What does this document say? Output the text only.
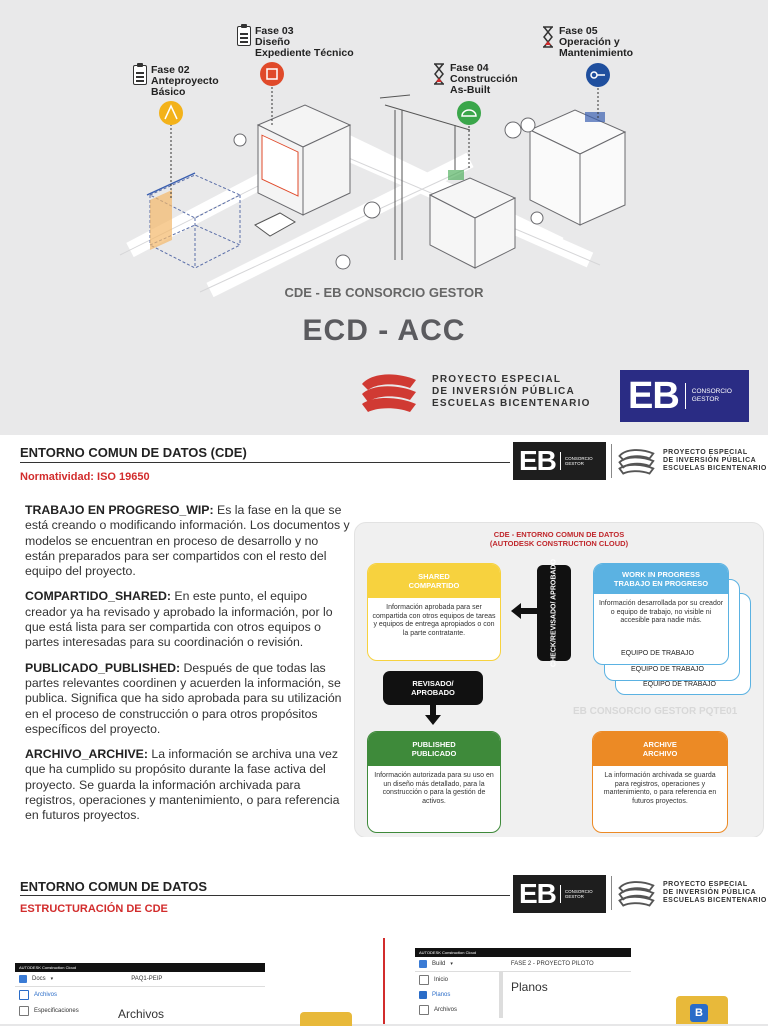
Fase 02
Anteproyecto
Básico
Fase 03
Diseño
Expediente Técnico
Fase 04
Construcción
As-Built
Fase 05
Operación y
Mantenimiento
CDE - EB CONSORCIO GESTOR
ECD - ACC
PROYECTO ESPECIAL
DE INVERSIÓN PÚBLICA
ESCUELAS BICENTENARIO EB CONSORCIO
GESTOR
ENTORNO COMUN DE DATOS (CDE)
Normatividad: ISO 19650
EB CONSORCIO
GESTOR
PROYECTO ESPECIAL
DE INVERSIÓN PÚBLICA
ESCUELAS BICENTENARIO

TRABAJO EN PROGRESO_WIP: Es la fase en la que se está creando o modificando información. Los documentos y modelos se encuentran en proceso de desarrollo y no están preparados para ser compartidos con el resto del equipo del proyecto.

COMPARTIDO_SHARED: En este punto, el equipo creador ya ha revisado y aprobado la información, por lo que está lista para ser compartida con otros equipos o partes interesadas para su coordinación o revisión.

PUBLICADO_PUBLISHED: Después de que todas las partes relevantes coordinen y acuerden la información, se publica. Significa que ha sido aprobada para su utilización en el proceso de construcción o para otros propósitos específicos del proyecto.

ARCHIVO_ARCHIVE: La información se archiva una vez que ha cumplido su propósito durante la fase activa del proyecto. Se guarda la información archivada para registros, operaciones y mantenimiento, o para referencia en futuros proyectos.

CDE - ENTORNO COMUN DE DATOS
(AUTODESK CONSTRUCTION CLOUD)
SHARED
COMPARTIDO
Información aprobada para ser compartida con otros equipos de tareas y equipos de entrega apropiados o con la parte contratante.	CHECK/REVISADO/ APROBADO	WORK IN PROGRESS
TRABAJO EN PROGRESO
Información desarrollada por su creador o equipo de trabajo, no visible ni accesible para nadie más.
EQUIPO DE TRABAJO
EQUIPO DE TRABAJO
EQUIPO DE TRABAJO
REVISADO/
APROBADO
EB CONSORCIO GESTOR PQTE01
PUBLISHED
PUBLICADO
Información autorizada para su uso en un diseño más detallado, para la construcción o para la gestión de activos.
ARCHIVE
ARCHIVO
La información archivada se guarda para registros, operaciones y mantenimiento, o para referencia en futuros proyectos.
ENTORNO COMUN DE DATOS
ESTRUCTURACIÓN DE CDE	EB CONSORCIO
GESTOR
PROYECTO ESPECIAL
DE INVERSIÓN PÚBLICA
ESCUELAS BICENTENARIO
AUTODESK Construction Cloud
Docs ▾	PAQ1-PEIP
Archivos
Especificaciones	Archivos
AUTODESK Construction Cloud
Build ▾	FASE 2 - PROYECTO PILOTO
Inicio
Planos
Archivos
Planos
B
